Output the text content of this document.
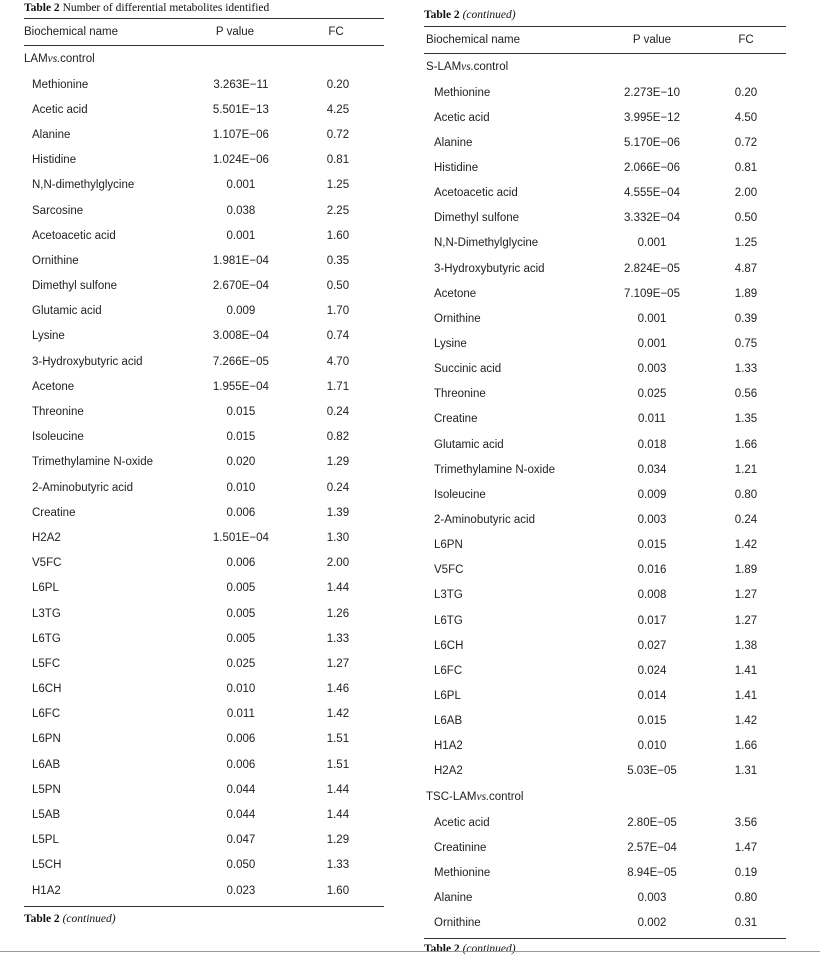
Table 2 Number of differential metabolites identified
Biochemical name	P value	FC
LAM vs. control
Methionine	3.263E−11	0.20
Acetic acid	5.501E−13	4.25
Alanine	1.107E−06	0.72
Histidine	1.024E−06	0.81
N,N-dimethylglycine	0.001	1.25
Sarcosine	0.038	2.25
Acetoacetic acid	0.001	1.60
Ornithine	1.981E−04	0.35
Dimethyl sulfone	2.670E−04	0.50
Glutamic acid	0.009	1.70
Lysine	3.008E−04	0.74
3-Hydroxybutyric acid	7.266E−05	4.70
Acetone	1.955E−04	1.71
Threonine	0.015	0.24
Isoleucine	0.015	0.82
Trimethylamine N-oxide	0.020	1.29
2-Aminobutyric acid	0.010	0.24
Creatine	0.006	1.39
H2A2	1.501E−04	1.30
V5FC	0.006	2.00
L6PL	0.005	1.44
L3TG	0.005	1.26
L6TG	0.005	1.33
L5FC	0.025	1.27
L6CH	0.010	1.46
L6FC	0.011	1.42
L6PN	0.006	1.51
L6AB	0.006	1.51
L5PN	0.044	1.44
L5AB	0.044	1.44
L5PL	0.047	1.29
L5CH	0.050	1.33
H1A2	0.023	1.60
Table 2 (continued)
Table 2 (continued)
Biochemical name	P value	FC
S-LAM vs. control
Methionine	2.273E−10	0.20
Acetic acid	3.995E−12	4.50
Alanine	5.170E−06	0.72
Histidine	2.066E−06	0.81
Acetoacetic acid	4.555E−04	2.00
Dimethyl sulfone	3.332E−04	0.50
N,N-Dimethylglycine	0.001	1.25
3-Hydroxybutyric acid	2.824E−05	4.87
Acetone	7.109E−05	1.89
Ornithine	0.001	0.39
Lysine	0.001	0.75
Succinic acid	0.003	1.33
Threonine	0.025	0.56
Creatine	0.011	1.35
Glutamic acid	0.018	1.66
Trimethylamine N-oxide	0.034	1.21
Isoleucine	0.009	0.80
2-Aminobutyric acid	0.003	0.24
L6PN	0.015	1.42
V5FC	0.016	1.89
L3TG	0.008	1.27
L6TG	0.017	1.27
L6CH	0.027	1.38
L6FC	0.024	1.41
L6PL	0.014	1.41
L6AB	0.015	1.42
H1A2	0.010	1.66
H2A2	5.03E−05	1.31
TSC-LAM vs. control
Acetic acid	2.80E−05	3.56
Creatinine	2.57E−04	1.47
Methionine	8.94E−05	0.19
Alanine	0.003	0.80
Ornithine	0.002	0.31
Table 2 (continued)
